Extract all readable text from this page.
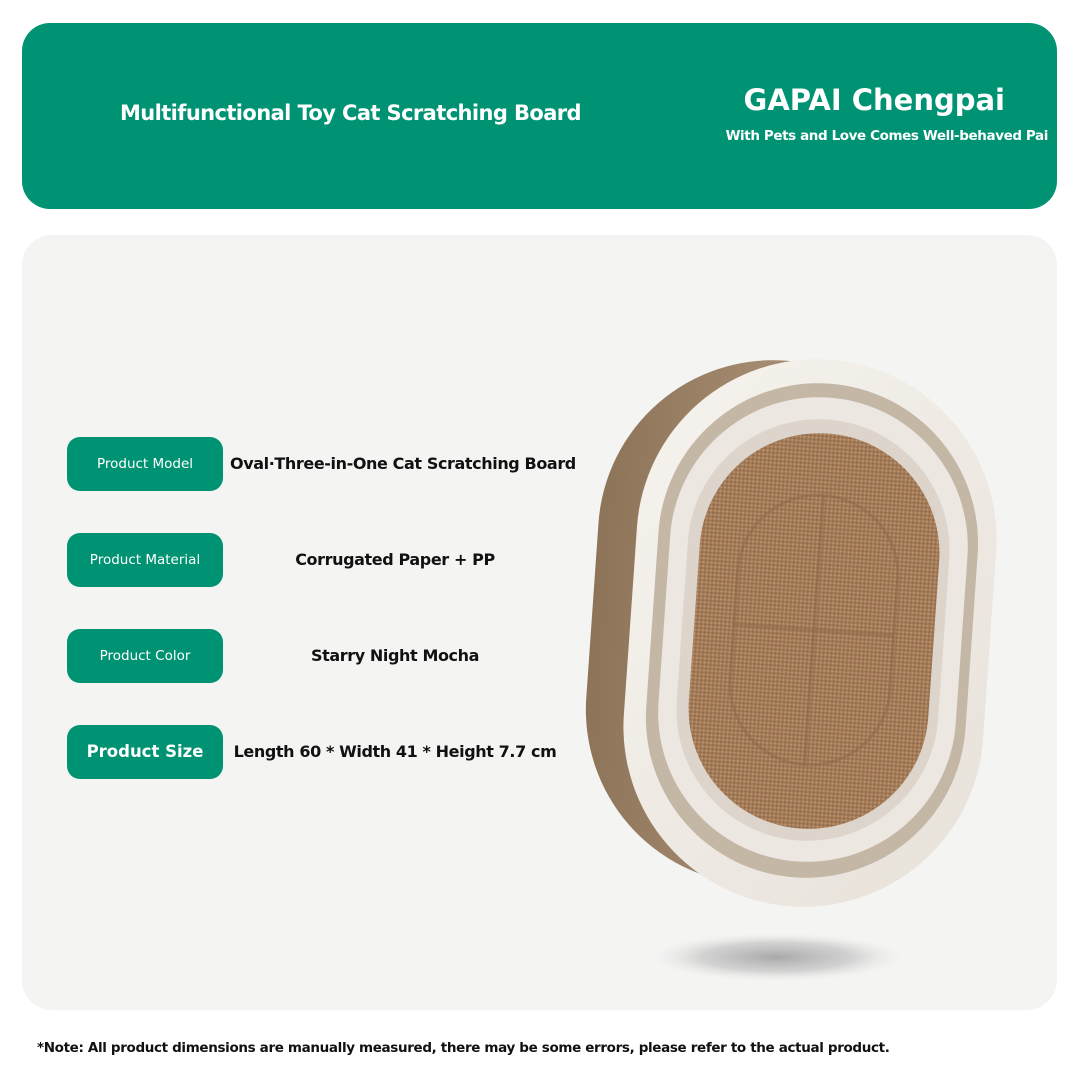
Multifunctional Toy Cat Scratching Board	GAPAI Chengpai
With Pets and Love Comes Well-behaved Pai
Product Model	Oval·Three-in-One Cat Scratching Board
Product Material	Corrugated Paper + PP
Product Color	Starry Night Mocha
Product Size	Length 60 * Width 41 * Height 7.7 cm
*Note: All product dimensions are manually measured, there may be some errors, please refer to the actual product.
